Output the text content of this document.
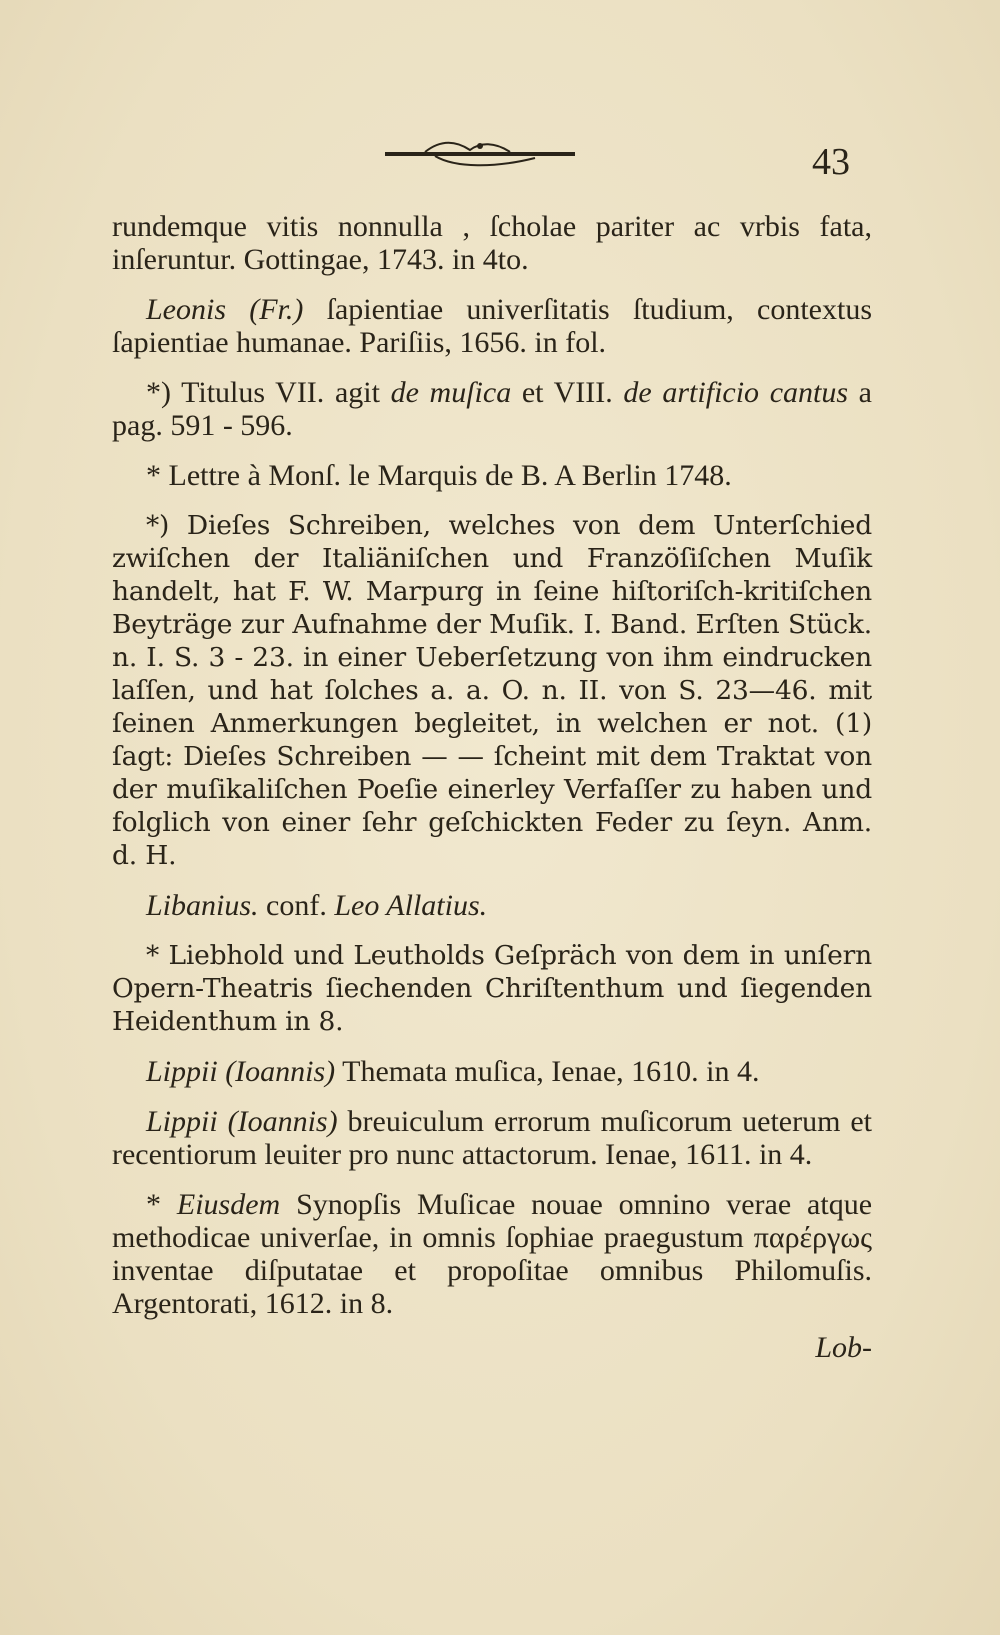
43

rundemque vitis nonnulla , ſcholae pariter ac vrbis fata, inſeruntur. Gottingae, 1743. in 4to.

Leonis (Fr.) ſapientiae univerſitatis ſtudium, contextus ſapientiae humanae. Pariſiis, 1656. in fol.

*) Titulus VII. agit de muſica et VIII. de artificio cantus a pag. 591 - 596.

* Lettre à Monſ. le Marquis de B. A Berlin 1748.

*) Dieſes Schreiben, welches von dem Unterſchied zwiſchen der Italiäniſchen und Franzöſiſchen Muſik handelt, hat F. W. Marpurg in ſeine hiſtoriſch-kritiſchen Beyträge zur Aufnahme der Muſik. I. Band. Erſten Stück. n. I. S. 3 - 23. in einer Ueberſetzung von ihm eindrucken laſſen, und hat ſolches a. a. O. n. II. von S. 23—46. mit ſeinen Anmerkungen begleitet, in welchen er not. (1) ſagt: Dieſes Schreiben — — ſcheint mit dem Traktat von der muſikaliſchen Poeſie einerley Verfaſſer zu haben und folglich von einer ſehr geſchickten Feder zu ſeyn. Anm. d. H.

Libanius. conf. Leo Allatius.

* Liebhold und Leutholds Geſpräch von dem in unſern Opern-Theatris ſiechenden Chriſtenthum und ſiegenden Heidenthum in 8.

Lippii (Ioannis) Themata muſica, Ienae, 1610. in 4.

Lippii (Ioannis) breuiculum errorum muſicorum ueterum et recentiorum leuiter pro nunc attactorum. Ienae, 1611. in 4.

* Eiusdem Synopſis Muſicae nouae omnino verae atque methodicae univerſae, in omnis ſophiae praegustum παρέργως inventae diſputatae et propoſitae omnibus Philomuſis. Argentorati, 1612. in 8.

Lob-
